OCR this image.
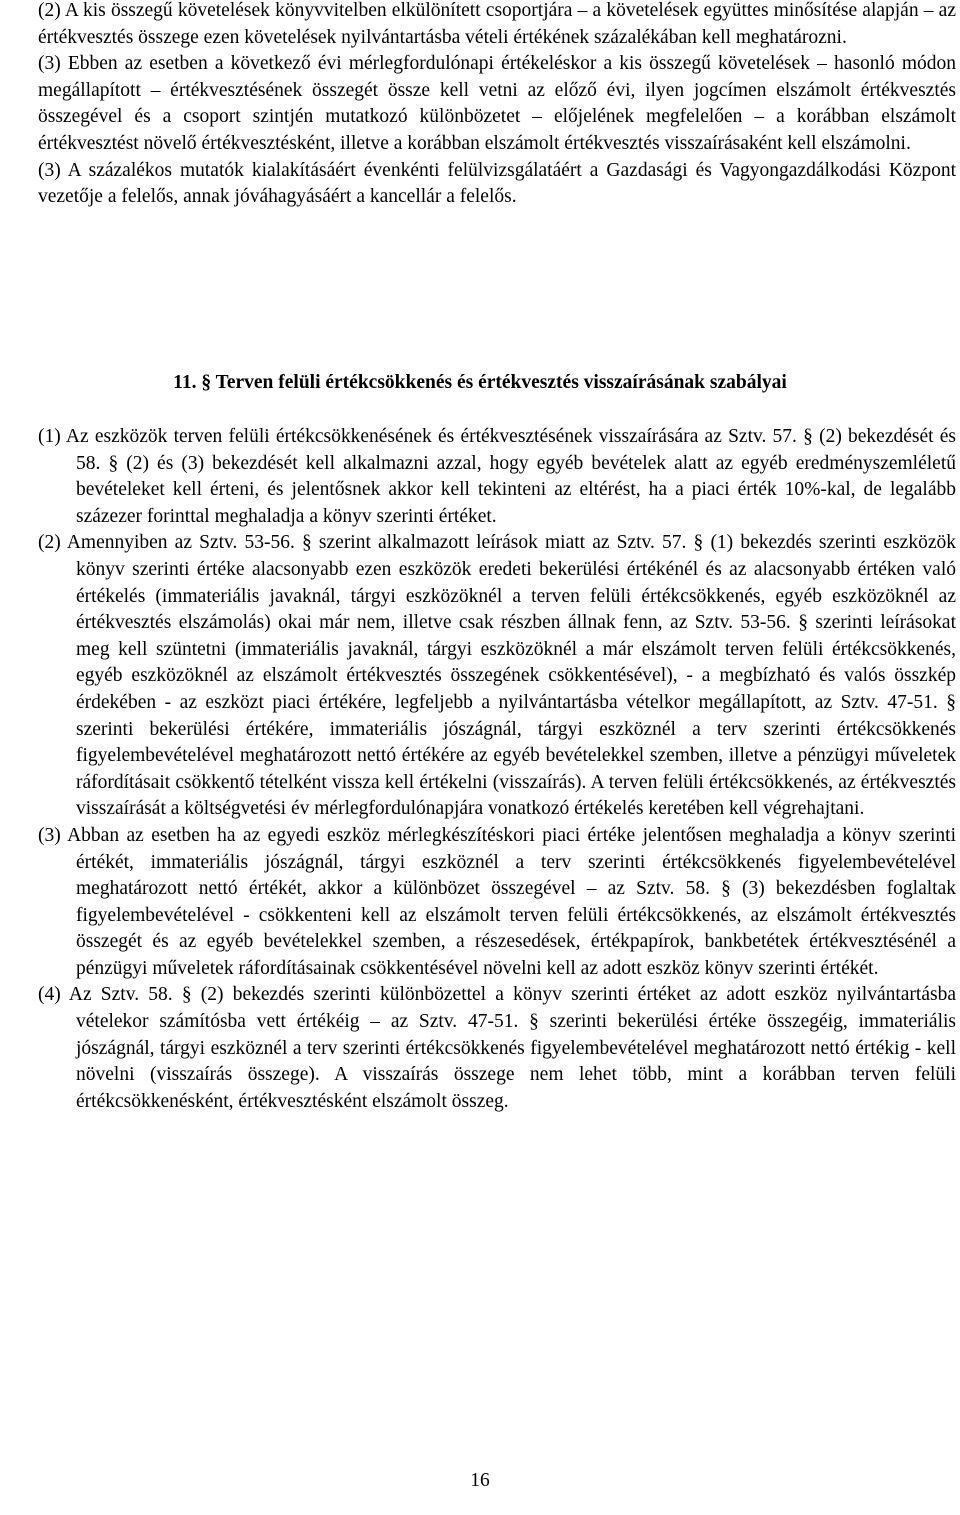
(2) A kis összegű követelések könyvvitelben elkülönített csoportjára – a követelések együttes minősítése alapján – az értékvesztés összege ezen követelések nyilvántartásba vételi értékének százalékában kell meghatározni.
(3) Ebben az esetben a következő évi mérlegfordulónapi értékeléskor a kis összegű követelések – hasonló módon megállapított – értékvesztésének összegét össze kell vetni az előző évi, ilyen jogcímen elszámolt értékvesztés összegével és a csoport szintjén mutatkozó különbözetet – előjelének megfelelően – a korábban elszámolt értékvesztést növelő értékvesztésként, illetve a korábban elszámolt értékvesztés visszaírásaként kell elszámolni.
(3) A százalékos mutatók kialakításáért évenkénti felülvizsgálatáért a Gazdasági és Vagyongazdálkodási Központ vezetője a felelős, annak jóváhagyásáért a kancellár a felelős.
11. § Terven felüli értékcsökkenés és értékvesztés visszaírásának szabályai
(1) Az eszközök terven felüli értékcsökkenésének és értékvesztésének visszaírására az Sztv. 57. § (2) bekezdését és 58. § (2) és (3) bekezdését kell alkalmazni azzal, hogy egyéb bevételek alatt az egyéb eredményszemléletű bevételeket kell érteni, és jelentősnek akkor kell tekinteni az eltérést, ha a piaci érték 10%-kal, de legalább százezer forinttal meghaladja a könyv szerinti értéket.
(2) Amennyiben az Sztv. 53-56. § szerint alkalmazott leírások miatt az Sztv. 57. § (1) bekezdés szerinti eszközök könyv szerinti értéke alacsonyabb ezen eszközök eredeti bekerülési értékénél és az alacsonyabb értéken való értékelés (immateriális javaknál, tárgyi eszközöknél a terven felüli értékcsökkenés, egyéb eszközöknél az értékvesztés elszámolás) okai már nem, illetve csak részben állnak fenn, az Sztv. 53-56. § szerinti leírásokat meg kell szüntetni (immateriális javaknál, tárgyi eszközöknél a már elszámolt terven felüli értékcsökkenés, egyéb eszközöknél az elszámolt értékvesztés összegének csökkentésével), - a megbízható és valós összkép érdekében - az eszközt piaci értékére, legfeljebb a nyilvántartásba vételkor megállapított, az Sztv. 47-51. § szerinti bekerülési értékére, immateriális jószágnál, tárgyi eszköznél a terv szerinti értékcsökkenés figyelembevételével meghatározott nettó értékére az egyéb bevételekkel szemben, illetve a pénzügyi műveletek ráfordításait csökkentő tételként vissza kell értékelni (visszaírás). A terven felüli értékcsökkenés, az értékvesztés visszaírását a költségvetési év mérlegfordulónapjára vonatkozó értékelés keretében kell végrehajtani.
(3) Abban az esetben ha az egyedi eszköz mérlegkészítéskori piaci értéke jelentősen meghaladja a könyv szerinti értékét, immateriális jószágnál, tárgyi eszköznél a terv szerinti értékcsökkenés figyelembevételével meghatározott nettó értékét, akkor a különbözet összegével – az Sztv. 58. § (3) bekezdésben foglaltak figyelembevételével - csökkenteni kell az elszámolt terven felüli értékcsökkenés, az elszámolt értékvesztés összegét és az egyéb bevételekkel szemben, a részesedések, értékpapírok, bankbetétek értékvesztésénél a pénzügyi műveletek ráfordításainak csökkentésével növelni kell az adott eszköz könyv szerinti értékét.
(4) Az Sztv. 58. § (2) bekezdés szerinti különbözettel a könyv szerinti értéket az adott eszköz nyilvántartásba vételekor számítósba vett értékéig – az Sztv. 47-51. § szerinti bekerülési értéke összegéig, immateriális jószágnál, tárgyi eszköznél a terv szerinti értékcsökkenés figyelembevételével meghatározott nettó értékig - kell növelni (visszaírás összege). A visszaírás összege nem lehet több, mint a korábban terven felüli értékcsökkenésként, értékvesztésként elszámolt összeg.
16
